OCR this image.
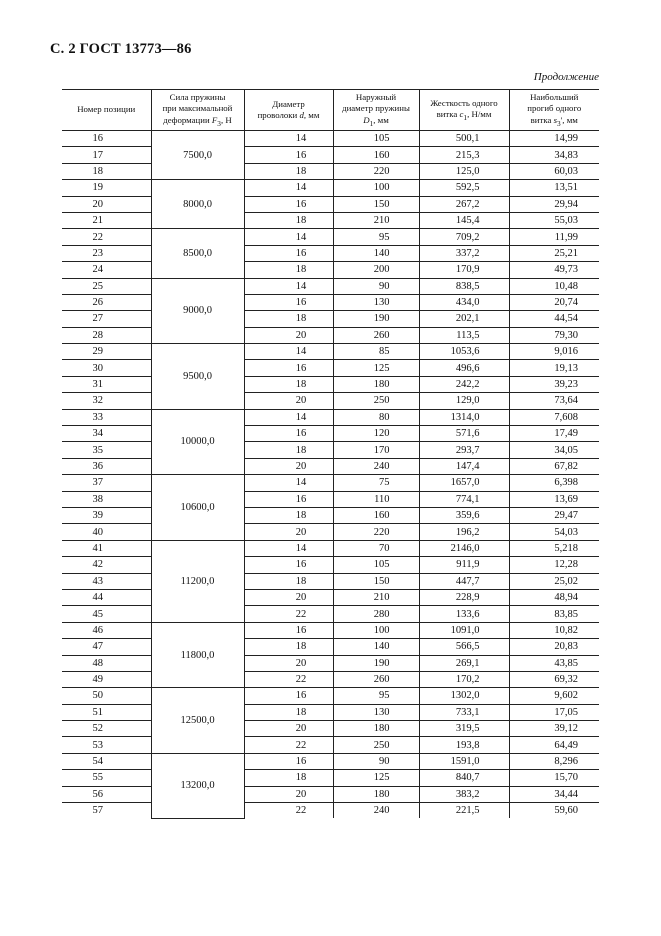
С. 2 ГОСТ 13773—86
Продолжение
Номер позиции	Сила пружины
при максимальной
деформации $F_3$, Н	Диаметр
проволоки d, мм	Наружный
диаметр пружины
$D_1$, мм	Жесткость одного
витка $c_1$, Н/мм	Наибольший
прогиб одного
витка $s_3'$, мм
16	7500,0	14	105	500,1	14,99
17		16	160	215,3	34,83
18		18	220	125,0	60,03
19	8000,0	14	100	592,5	13,51
20		16	150	267,2	29,94
21		18	210	145,4	55,03
22	8500,0	14	95	709,2	11,99
23		16	140	337,2	25,21
24		18	200	170,9	49,73
25	9000,0	14	90	838,5	10,48
26		16	130	434,0	20,74
27		18	190	202,1	44,54
28		20	260	113,5	79,30
29	9500,0	14	85	1053,6	9,016
30		16	125	496,6	19,13
31		18	180	242,2	39,23
32		20	250	129,0	73,64
33	10000,0	14	80	1314,0	7,608
34		16	120	571,6	17,49
35		18	170	293,7	34,05
36		20	240	147,4	67,82
37	10600,0	14	75	1657,0	6,398
38		16	110	774,1	13,69
39		18	160	359,6	29,47
40		20	220	196,2	54,03
41	11200,0	14	70	2146,0	5,218
42		16	105	911,9	12,28
43		18	150	447,7	25,02
44		20	210	228,9	48,94
45		22	280	133,6	83,85
46	11800,0	16	100	1091,0	10,82
47		18	140	566,5	20,83
48		20	190	269,1	43,85
49		22	260	170,2	69,32
50	12500,0	16	95	1302,0	9,602
51		18	130	733,1	17,05
52		20	180	319,5	39,12
53		22	250	193,8	64,49
54	13200,0	16	90	1591,0	8,296
55		18	125	840,7	15,70
56		20	180	383,2	34,44
57		22	240	221,5	59,60
